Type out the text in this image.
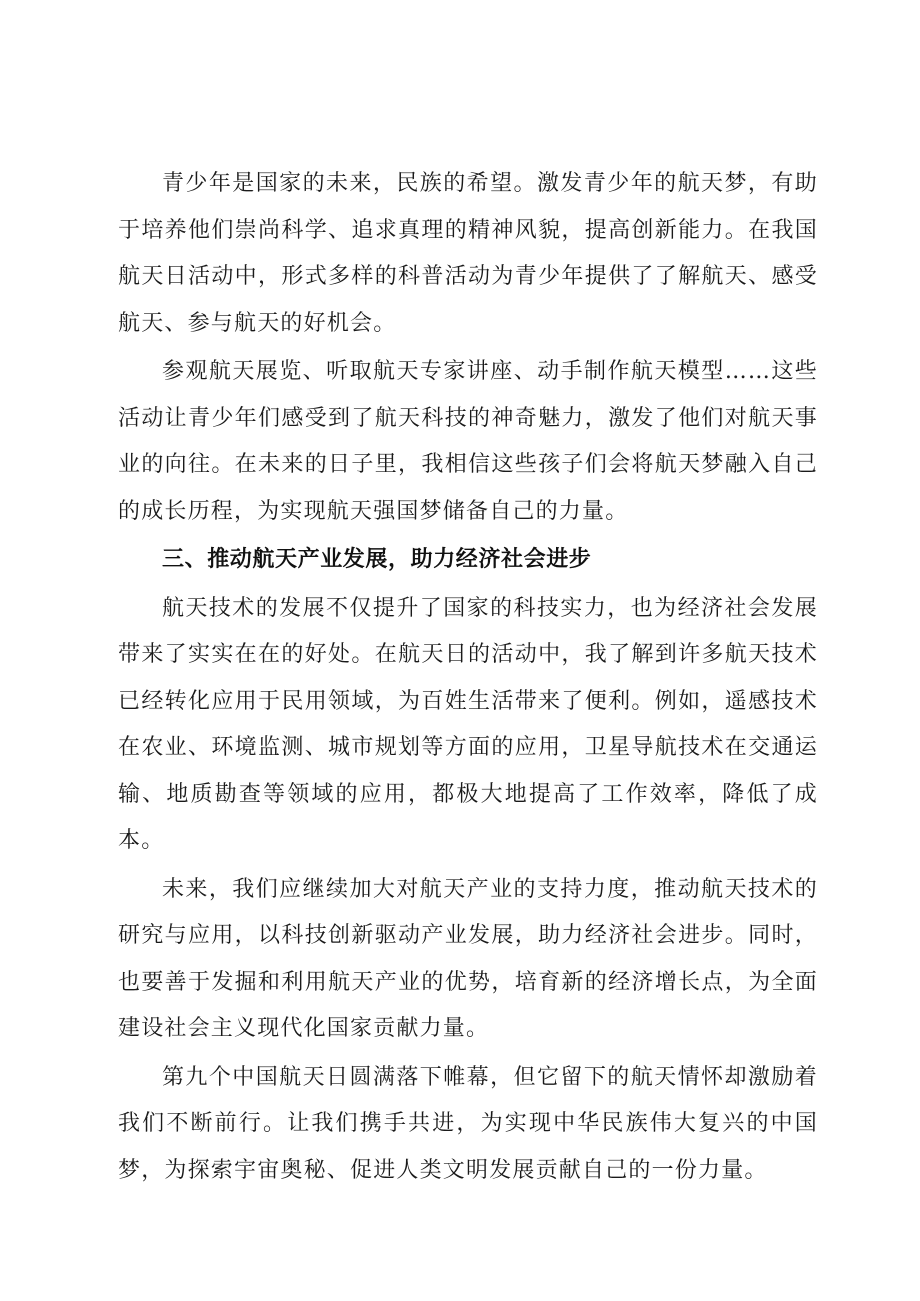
青少年是国家的未来，民族的希望。激发青少年的航天梦，有助于培养他们崇尚科学、追求真理的精神风貌，提高创新能力。在我国航天日活动中，形式多样的科普活动为青少年提供了了解航天、感受航天、参与航天的好机会。

参观航天展览、听取航天专家讲座、动手制作航天模型……这些活动让青少年们感受到了航天科技的神奇魅力，激发了他们对航天事业的向往。在未来的日子里，我相信这些孩子们会将航天梦融入自己的成长历程，为实现航天强国梦储备自己的力量。

三、推动航天产业发展，助力经济社会进步

航天技术的发展不仅提升了国家的科技实力，也为经济社会发展带来了实实在在的好处。在航天日的活动中，我了解到许多航天技术已经转化应用于民用领域，为百姓生活带来了便利。例如，遥感技术在农业、环境监测、城市规划等方面的应用，卫星导航技术在交通运输、地质勘查等领域的应用，都极大地提高了工作效率，降低了成本。

未来，我们应继续加大对航天产业的支持力度，推动航天技术的研究与应用，以科技创新驱动产业发展，助力经济社会进步。同时，也要善于发掘和利用航天产业的优势，培育新的经济增长点，为全面建设社会主义现代化国家贡献力量。

第九个中国航天日圆满落下帷幕，但它留下的航天情怀却激励着我们不断前行。让我们携手共进，为实现中华民族伟大复兴的中国梦，为探索宇宙奥秘、促进人类文明发展贡献自己的一份力量。
